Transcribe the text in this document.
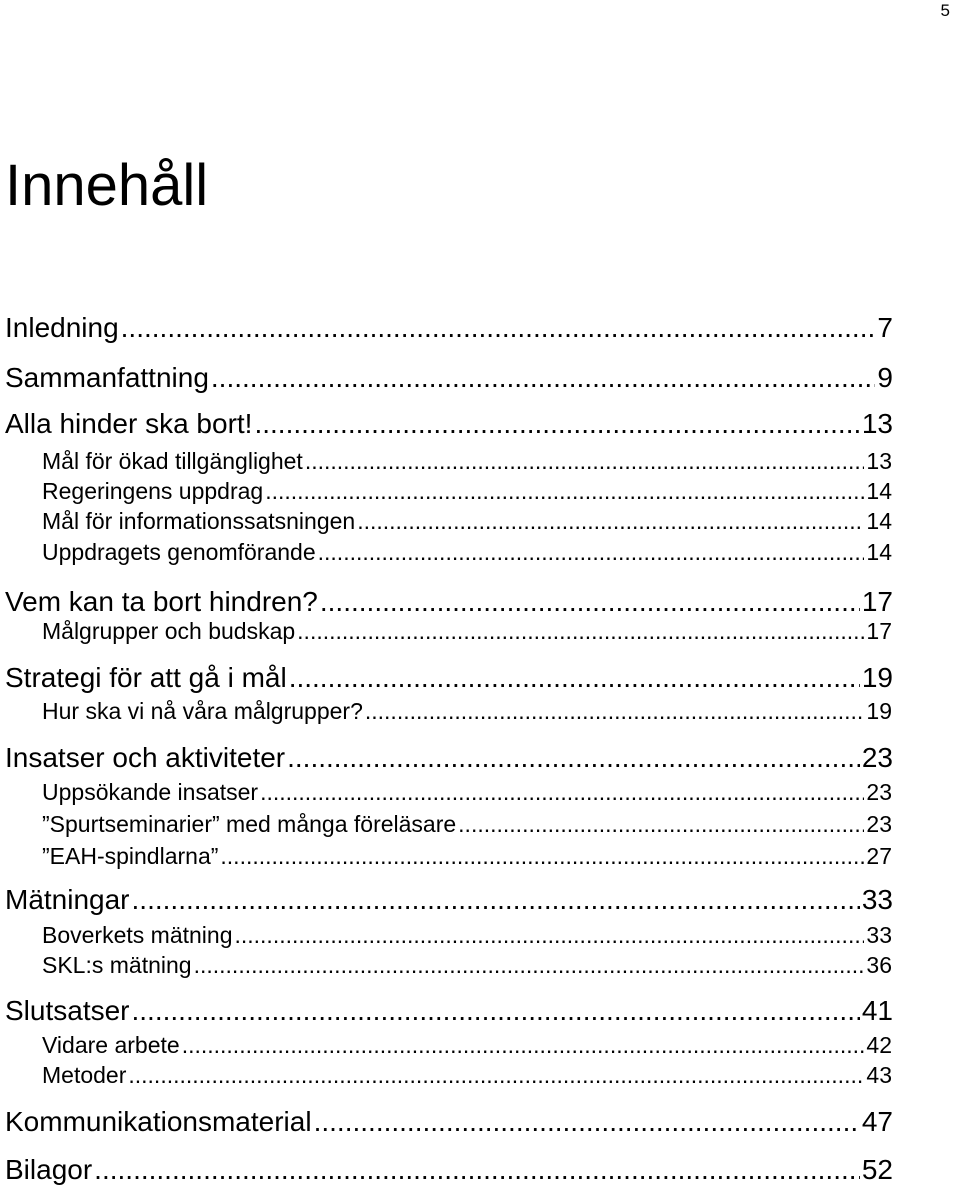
5
Innehåll
Inledning .....	7
Sammanfattning .....	9
Alla hinder ska bort! .....	13
Mål för ökad tillgänglighet .....	13
Regeringens uppdrag .....	14
Mål för informationssatsningen .....	14
Uppdragets genomförande .....	14
Vem kan ta bort hindren? .....	17
Målgrupper och budskap .....	17
Strategi för att gå i mål .....	19
Hur ska vi nå våra målgrupper? .....	19
Insatser och aktiviteter .....	23
Uppsökande insatser .....	23
”Spurtseminarier” med många föreläsare .....	23
”EAH-spindlarna” .....	27
Mätningar .....	33
Boverkets mätning .....	33
SKL:s mätning .....	36
Slutsatser .....	41
Vidare arbete .....	42
Metoder .....	43
Kommunikationsmaterial .....	47
Bilagor .....	52
